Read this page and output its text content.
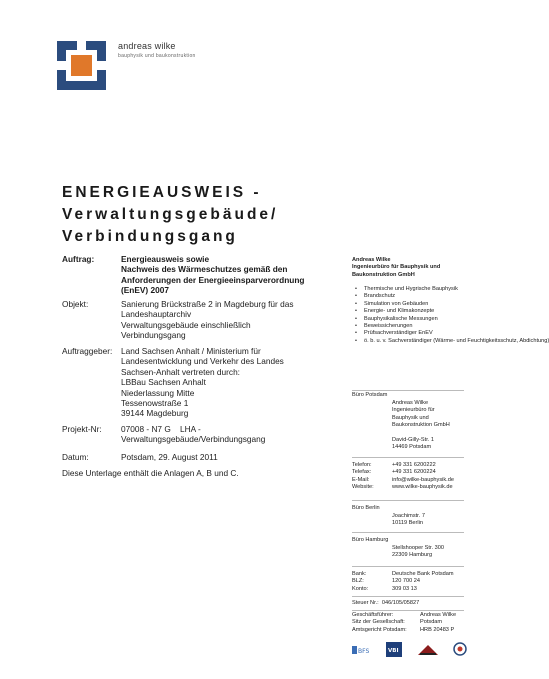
andreas wilke
bauphysik und baukonstruktion
ENERGIEAUSWEIS -
Verwaltungsgebäude/
Verbindungsgang
Auftrag:	Energieausweis sowie
Nachweis des Wärmeschutzes gemäß den
Anforderungen der Energieeinsparverordnung
(EnEV) 2007
Objekt:	Sanierung Brückstraße 2 in Magdeburg für das
Landeshauptarchiv
Verwaltungsgebäude einschließlich
Verbindungsgang
Auftraggeber: Land Sachsen Anhalt / Ministerium für
Landesentwicklung und Verkehr des Landes
Sachsen-Anhalt vertreten durch:
LBBau Sachsen Anhalt
Niederlassung Mitte
Tessenowstraße 1
39144 Magdeburg
Projekt-Nr: 07008 - N7 G    LHA -
Verwaltungsgebäude/Verbindungsgang
Datum:	Potsdam, 29. August 2011
Diese Unterlage enthält die Anlagen A, B und C.
Andreas Wilke
Ingenieurbüro für Bauphysik und
Baukonstruktion GmbH
• Thermische und Hygrische Bauphysik
• Brandschutz
• Simulation von Gebäuden
• Energie- und Klimakonzepte
• Bauphysikalische Messungen
• Beweissicherungen
• Prüfsachverständiger EnEV
• ö. b. u. v. Sachverständiger (Wärme- und Feuchtigkeitsschutz, Abdichtung)
Büro Potsdam
Andreas Wilke
Ingenieurbüro für
Bauphysik und
Baukonstruktion GmbH
David-Gilly-Str. 1
14469 Potsdam
Telefon:	+49 331 6200222
Telefax:	+49 331 6200224
E-Mail:	info@wilke-bauphysik.de
Website:	www.wilke-bauphysik.de
Büro Berlin
Joachimstr. 7
10119 Berlin
Büro Hamburg
Stellshooper Str. 300
22309 Hamburg
Bank:	Deutsche Bank Potsdam
BLZ:	120 700 24
Konto:	309 03 13
Steuer Nr.:  046/105/05827
Geschäftsführer:	Andreas Wilke
Sitz der Gesellschaft:	Potsdam
Amtsgericht Potsdam: HRB 20483 P
BFS	VBI
